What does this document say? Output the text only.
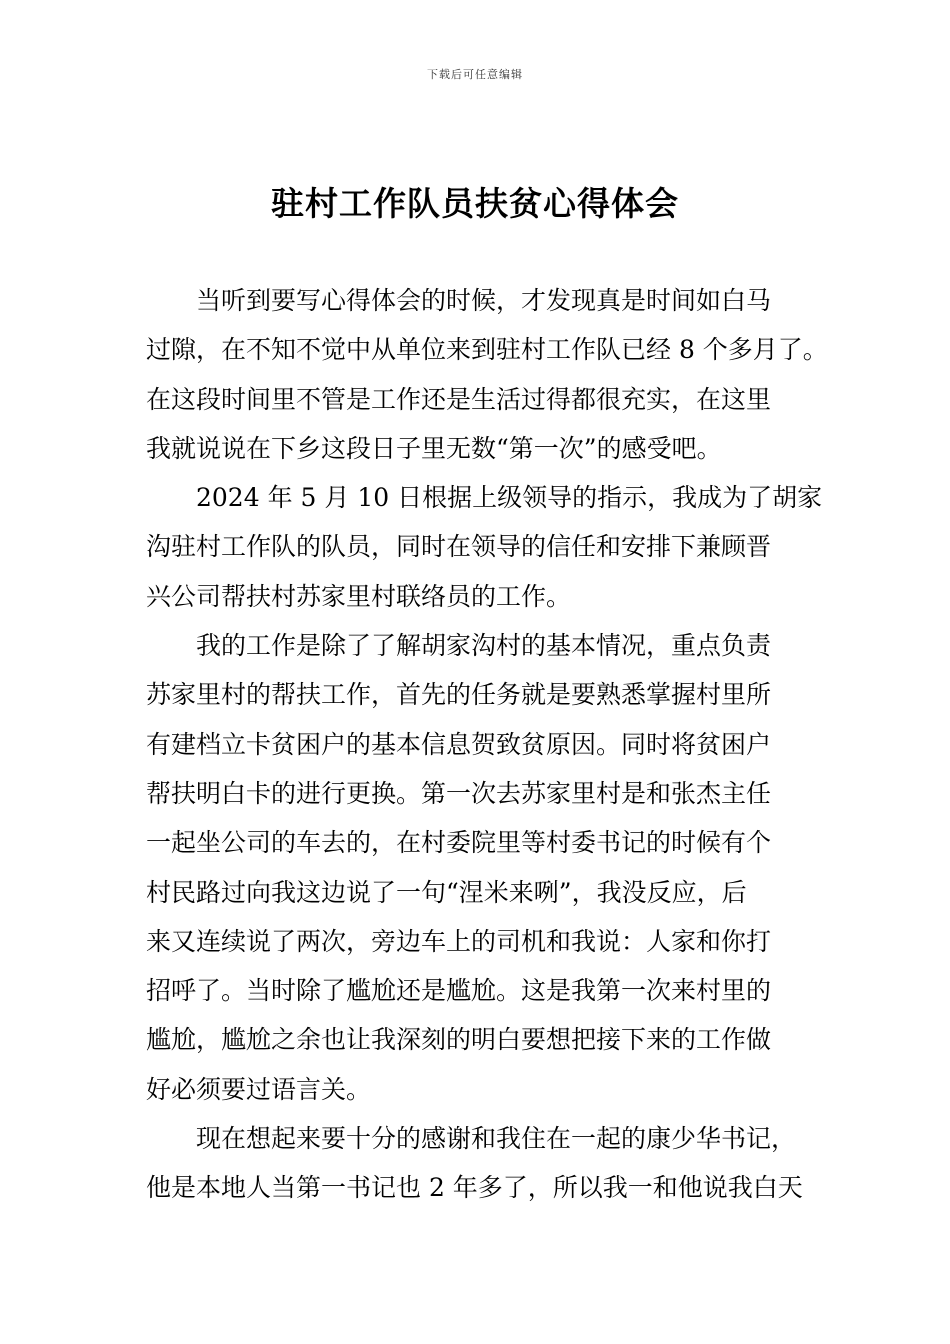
下载后可任意编辑
驻村工作队员扶贫心得体会

当听到要写心得体会的时候，才发现真是时间如白马
过隙，在不知不觉中从单位来到驻村工作队已经 8 个多月了。
在这段时间里不管是工作还是生活过得都很充实，在这里
我就说说在下乡这段日子里无数“第一次”的感受吧。

2024 年 5 月 10 日根据上级领导的指示，我成为了胡家
沟驻村工作队的队员，同时在领导的信任和安排下兼顾晋
兴公司帮扶村苏家里村联络员的工作。

我的工作是除了了解胡家沟村的基本情况，重点负责
苏家里村的帮扶工作，首先的任务就是要熟悉掌握村里所
有建档立卡贫困户的基本信息贺致贫原因。同时将贫困户
帮扶明白卡的进行更换。第一次去苏家里村是和张杰主任
一起坐公司的车去的，在村委院里等村委书记的时候有个
村民路过向我这边说了一句“涅米来咧”，我没反应，后
来又连续说了两次，旁边车上的司机和我说：人家和你打
招呼了。当时除了尴尬还是尴尬。这是我第一次来村里的
尴尬，尴尬之余也让我深刻的明白要想把接下来的工作做
好必须要过语言关。

现在想起来要十分的感谢和我住在一起的康少华书记，
他是本地人当第一书记也 2 年多了，所以我一和他说我白天
